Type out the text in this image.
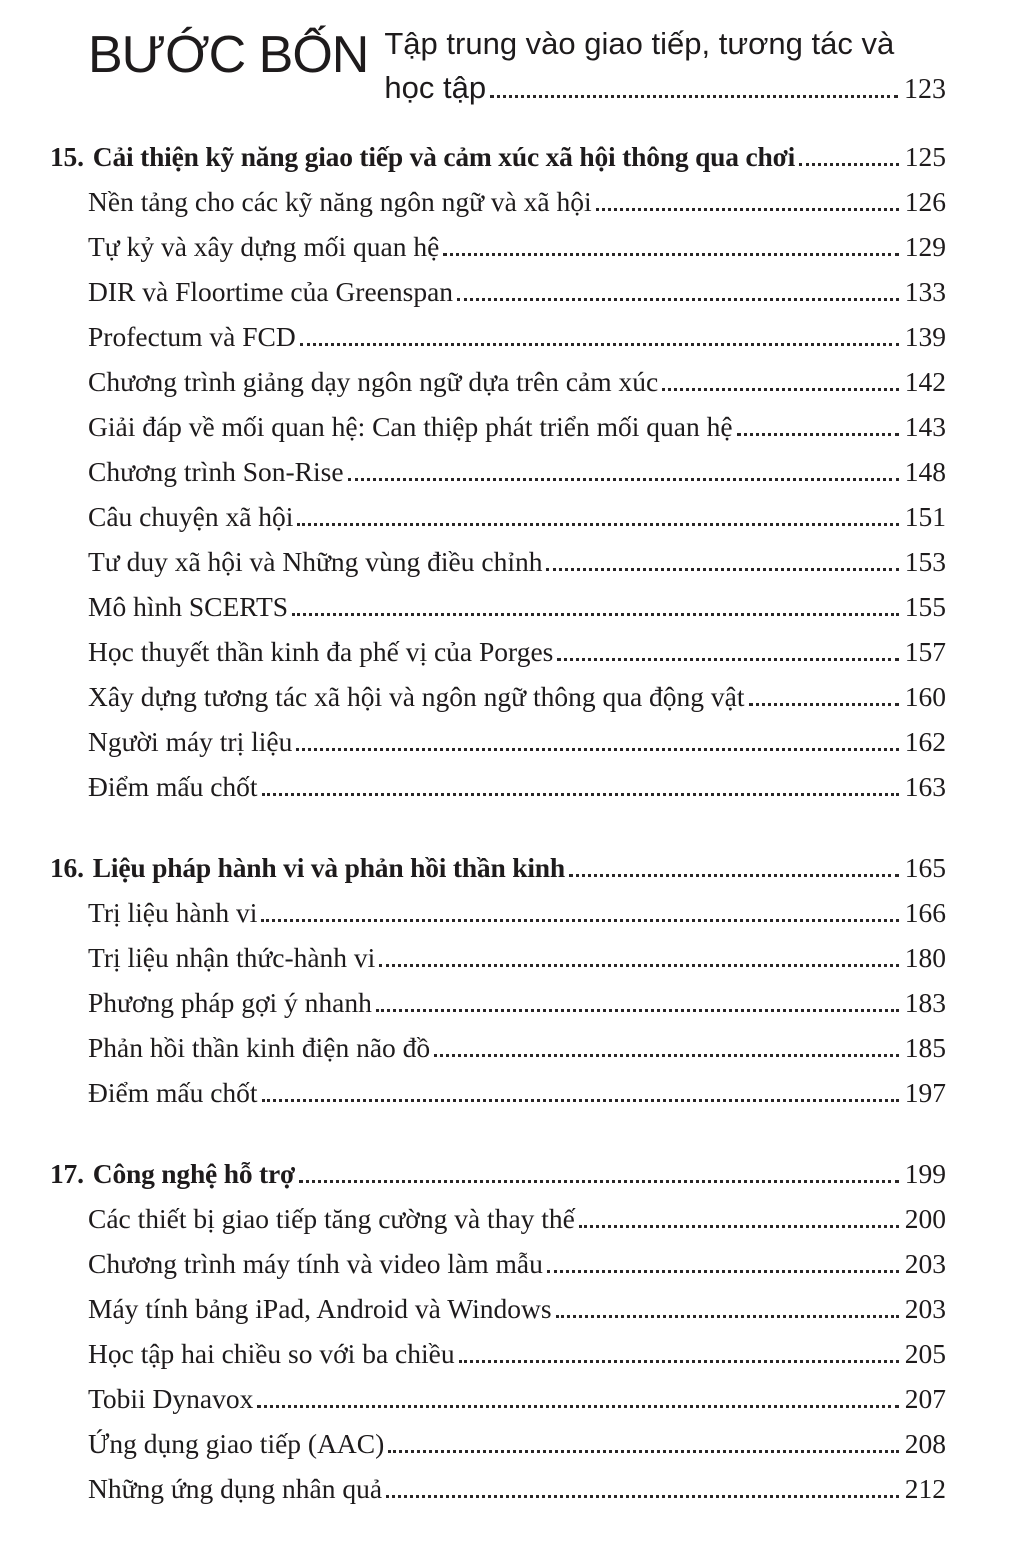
BƯỚC BỐN Tập trung vào giao tiếp, tương tác và
học tập	123
15. Cải thiện kỹ năng giao tiếp và cảm xúc xã hội thông qua chơi	125
Nền tảng cho các kỹ năng ngôn ngữ và xã hội	126
Tự kỷ và xây dựng mối quan hệ	129
DIR và Floortime của Greenspan	133
Profectum và FCD	139
Chương trình giảng dạy ngôn ngữ dựa trên cảm xúc	142
Giải đáp về mối quan hệ: Can thiệp phát triển mối quan hệ	143
Chương trình Son-Rise	148
Câu chuyện xã hội	151
Tư duy xã hội và Những vùng điều chỉnh	153
Mô hình SCERTS	155
Học thuyết thần kinh đa phế vị của Porges	157
Xây dựng tương tác xã hội và ngôn ngữ thông qua động vật	160
Người máy trị liệu	162
Điểm mấu chốt	163
16. Liệu pháp hành vi và phản hồi thần kinh	165
Trị liệu hành vi	166
Trị liệu nhận thức-hành vi	180
Phương pháp gợi ý nhanh	183
Phản hồi thần kinh điện não đồ	185
Điểm mấu chốt	197
17. Công nghệ hỗ trợ	199
Các thiết bị giao tiếp tăng cường và thay thế	200
Chương trình máy tính và video làm mẫu	203
Máy tính bảng iPad, Android và Windows	203
Học tập hai chiều so với ba chiều	205
Tobii Dynavox	207
Ứng dụng giao tiếp (AAC)	208
Những ứng dụng nhân quả	212
